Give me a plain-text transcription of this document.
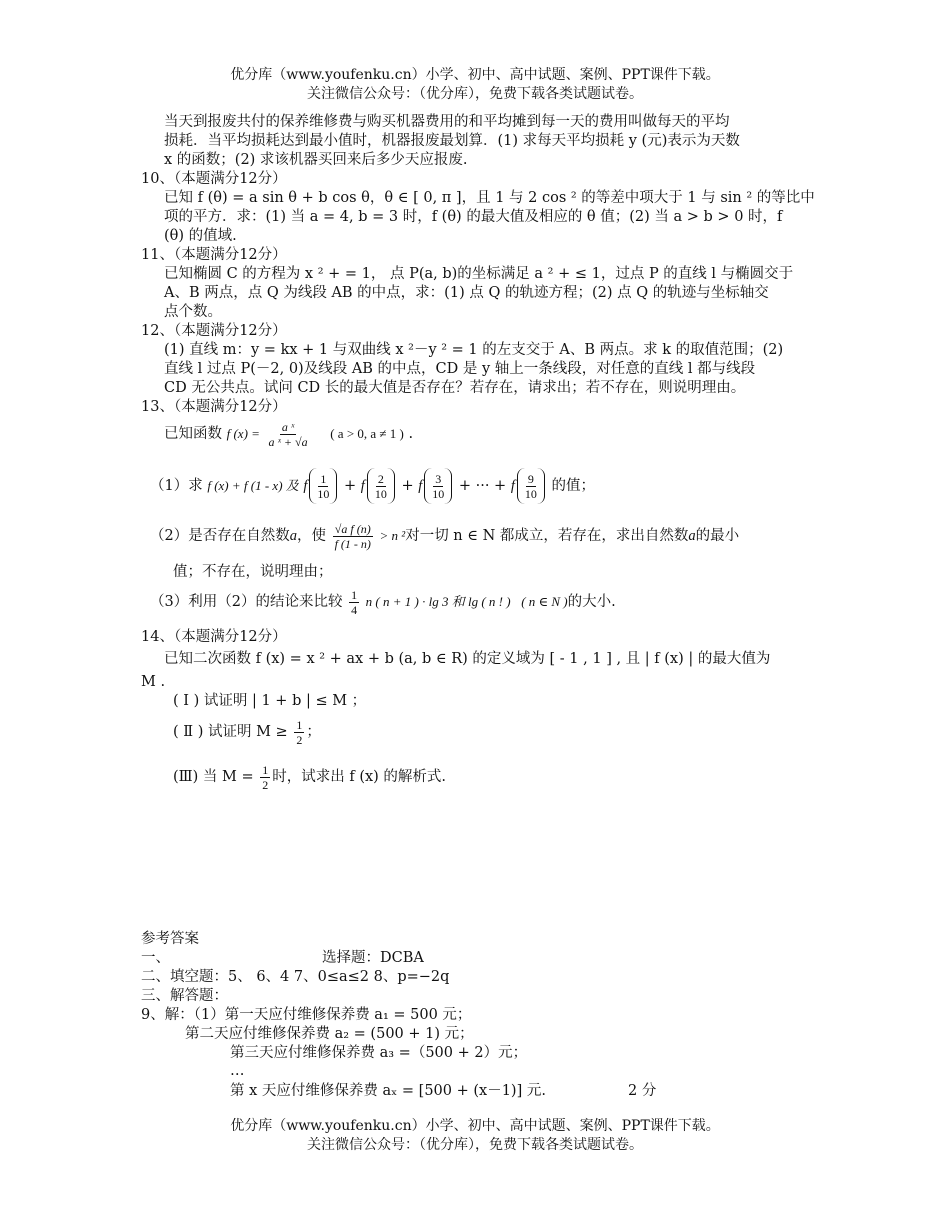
优分库（www.youfenku.cn）小学、初中、高中试题、案例、PPT课件下载。
关注微信公众号：（优分库），免费下载各类试题试卷。
当天到报废共付的保养维修费与购买机器费用的和平均摊到每一天的费用叫做每天的平均
损耗．当平均损耗达到最小值时，机器报废最划算．(1) 求每天平均损耗 y (元)表示为天数
x 的函数；(2) 求该机器买回来后多少天应报废.
10、（本题满分12分）
已知 f (θ) = a sin θ + b cos θ，θ ∈ [ 0, π ]，且 1 与 2 cos ² 的等差中项大于 1 与 sin ² 的等比中
项的平方．求：(1) 当 a = 4, b = 3 时，f (θ) 的最大值及相应的 θ 值；(2) 当 a > b > 0 时，f
(θ) 的值域.
11、（本题满分12分）
已知椭圆 C 的方程为 x ² + = 1， 点 P(a, b)的坐标满足 a ² + ≤ 1，过点 P 的直线 l 与椭圆交于
A、B 两点，点 Q 为线段 AB 的中点，求：(1) 点 Q 的轨迹方程；(2) 点 Q 的轨迹与坐标轴交
点个数。
12、（本题满分12分）
(1) 直线 m：y = kx + 1 与双曲线 x ²－y ² = 1 的左支交于 A、B 两点。求 k 的取值范围；(2)
直线 l 过点 P(－2, 0)及线段 AB 的中点，CD 是 y 轴上一条线段，对任意的直线 l 都与线段
CD 无公共点。试问 CD 长的最大值是否存在？若存在，请求出；若不存在，则说明理由。
13、（本题满分12分）
已知函数 f $(x) = \frac{\text{a ˣ}}{\text{a ˣ + √a}}$ ( a > 0, a ≠ 1 ) .
（1）求 f (x) + f (1 - x) 及 f $\frac{1}{10} + f \frac{2}{10} + f \frac{3}{10}$ + ··· + f $\frac{9}{10}$ 的值；
（2）是否存在自然数a，使 $\frac{\text{√a f (n)}}{f (1 - n)} > n$ ²对一切 n ∈ N 都成立，若存在，求出自然数a的最小
值；不存在，说明理由；
（3）利用（2）的结论来比较 $\frac{1}{4}$ n ( n + 1 ) · lg 3 和 lg ( n ! ) ( n ∈ N )的大小.
14、（本题满分12分）
已知二次函数 f (x) = x ² + ax + b (a, b ∈ R) 的定义域为 [ - 1 , 1 ] , 且 | f (x) | 的最大值为
M .
( Ⅰ ) 试证明 | 1 + b | ≤ M ；
( Ⅱ ) 试证明 $M \ge \frac{1}{2}$ ；
(Ⅲ) 当 $M = \frac{1}{2}$ 时，试求出 f (x) 的解析式.
参考答案
一、	选择题：DCBA
二、填空题：5、 6、4 7、0≤a≤2 8、p=−2q
三、解答题：
9、解：（1）第一天应付维修保养费 a₁ = 500 元；
第二天应付维修保养费 a₂ = (500 + 1) 元；
第三天应付维修保养费 a₃ =（500 + 2）元；
…
第 x 天应付维修保养费 aₓ = [500 + (x－1)] 元.	2 分
优分库（www.youfenku.cn）小学、初中、高中试题、案例、PPT课件下载。
关注微信公众号：（优分库），免费下载各类试题试卷。
